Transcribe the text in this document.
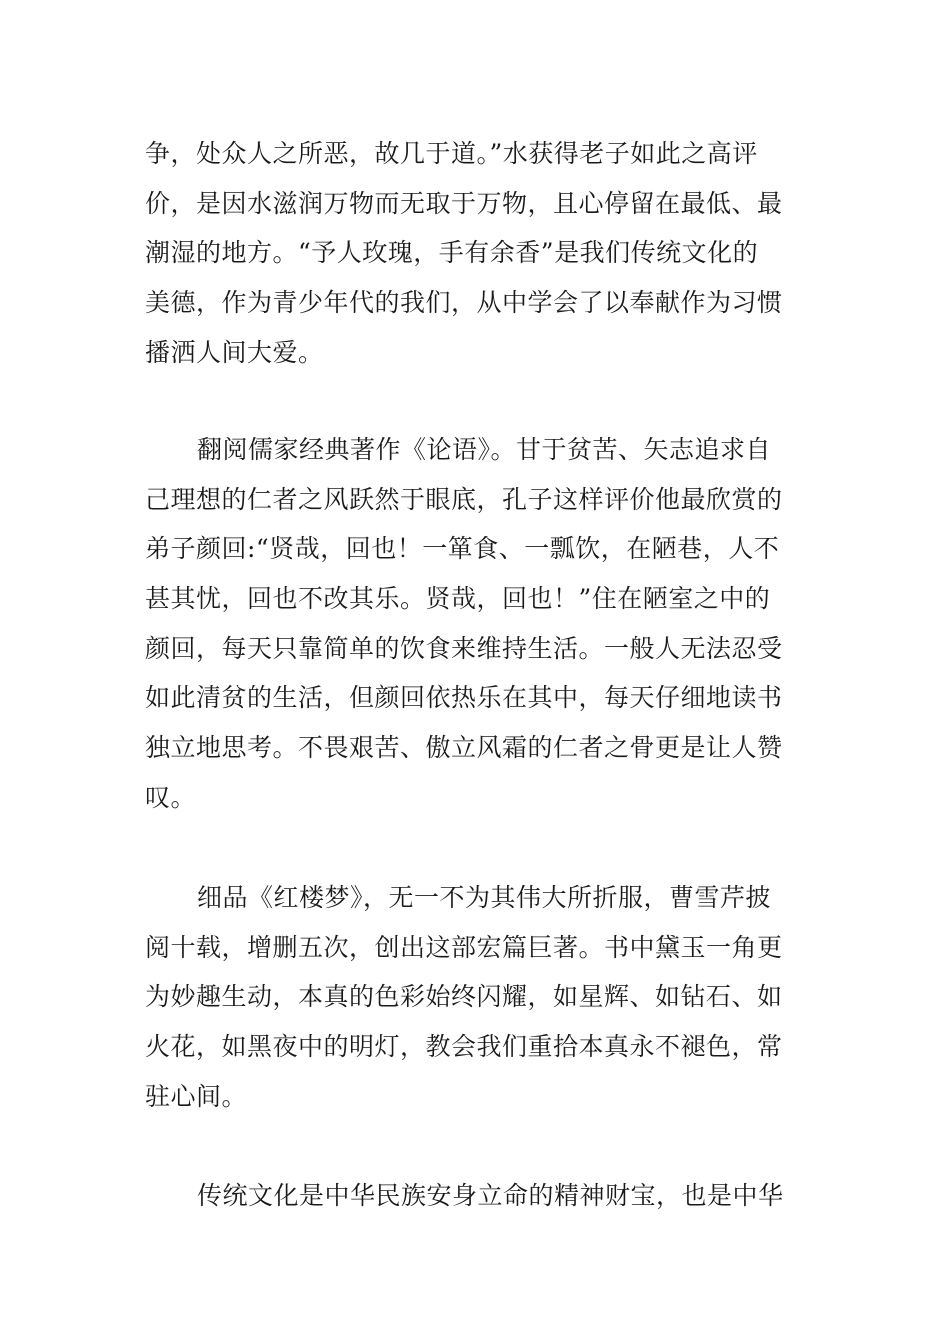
争，处众人之所恶，故几于道。”水获得老子如此之高评
价，是因水滋润万物而无取于万物，且心停留在最低、最
潮湿的地方。“予人玫瑰，手有余香”是我们传统文化的
美德，作为青少年代的我们，从中学会了以奉献作为习惯
播洒人间大爱。
翻阅儒家经典著作《论语》。甘于贫苦、矢志追求自
己理想的仁者之风跃然于眼底，孔子这样评价他最欣赏的
弟子颜回:“贤哉，回也！一箪食、一瓢饮，在陋巷，人不
甚其忧，回也不改其乐。贤哉，回也！”住在陋室之中的
颜回，每天只靠简单的饮食来维持生活。一般人无法忍受
如此清贫的生活，但颜回依热乐在其中，每天仔细地读书
独立地思考。不畏艰苦、傲立风霜的仁者之骨更是让人赞
叹。
细品《红楼梦》，无一不为其伟大所折服，曹雪芹披
阅十载，增删五次，创出这部宏篇巨著。书中黛玉一角更
为妙趣生动，本真的色彩始终闪耀，如星辉、如钻石、如
火花，如黑夜中的明灯，教会我们重拾本真永不褪色，常
驻心间。
传统文化是中华民族安身立命的精神财宝，也是中华
